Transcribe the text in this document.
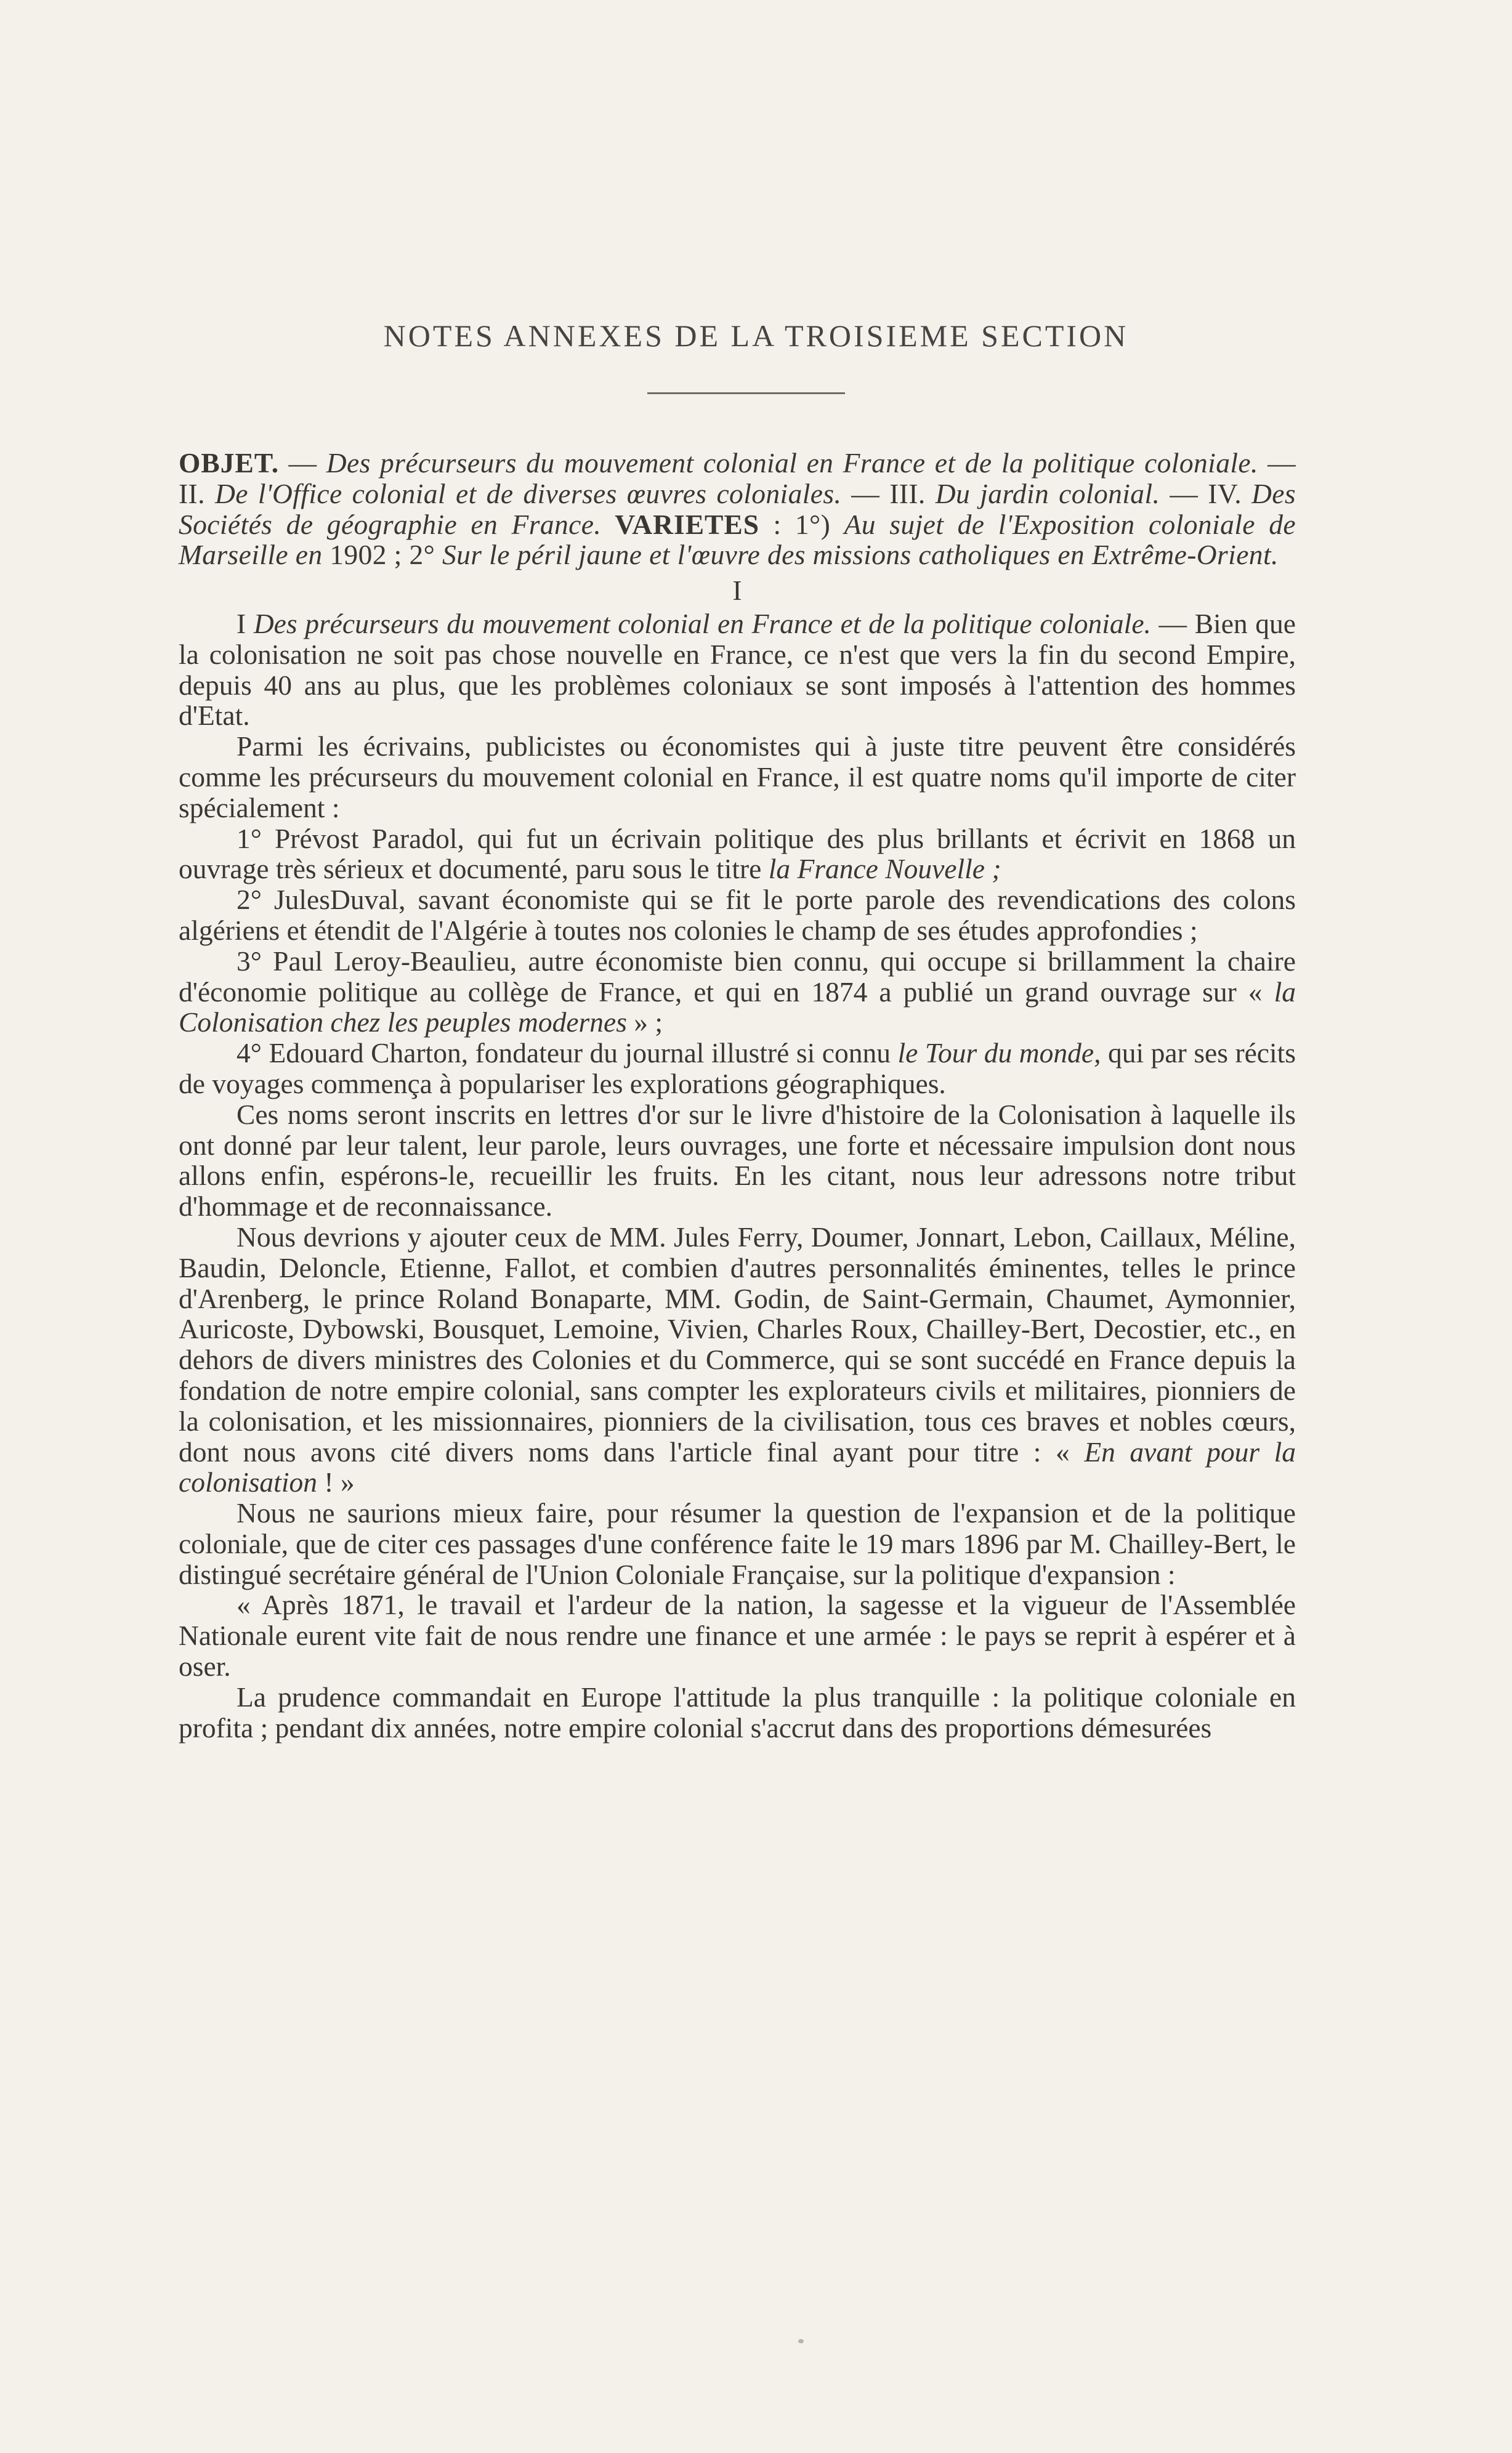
NOTES ANNEXES DE LA TROISIEME SECTION

OBJET. — Des précurseurs du mouvement colonial en France et de la politique coloniale. — II. De l'Office colonial et de diverses œuvres coloniales. — III. Du jardin colonial. — IV. Des Sociétés de géographie en France. VARIETES : 1°) Au sujet de l'Exposition coloniale de Marseille en 1902 ; 2° Sur le péril jaune et l'œuvre des missions catholiques en Extrême-Orient.

I

I Des précurseurs du mouvement colonial en France et de la politique coloniale. — Bien que la colonisation ne soit pas chose nouvelle en France, ce n'est que vers la fin du second Empire, depuis 40 ans au plus, que les problèmes coloniaux se sont imposés à l'attention des hommes d'Etat.

Parmi les écrivains, publicistes ou économistes qui à juste titre peuvent être considérés comme les précurseurs du mouvement colonial en France, il est quatre noms qu'il importe de citer spécialement :

1° Prévost Paradol, qui fut un écrivain politique des plus brillants et écrivit en 1868 un ouvrage très sérieux et documenté, paru sous le titre la France Nouvelle ;

2° JulesDuval, savant économiste qui se fit le porte parole des revendications des colons algériens et étendit de l'Algérie à toutes nos colonies le champ de ses études approfondies ;

3° Paul Leroy-Beaulieu, autre économiste bien connu, qui occupe si brillamment la chaire d'économie politique au collège de France, et qui en 1874 a publié un grand ouvrage sur « la Colonisation chez les peuples modernes » ;

4° Edouard Charton, fondateur du journal illustré si connu le Tour du monde, qui par ses récits de voyages commença à populariser les explorations géographiques.

Ces noms seront inscrits en lettres d'or sur le livre d'histoire de la Colonisation à laquelle ils ont donné par leur talent, leur parole, leurs ouvrages, une forte et nécessaire impulsion dont nous allons enfin, espérons-le, recueillir les fruits. En les citant, nous leur adressons notre tribut d'hommage et de reconnaissance.

Nous devrions y ajouter ceux de MM. Jules Ferry, Doumer, Jonnart, Lebon, Caillaux, Méline, Baudin, Deloncle, Etienne, Fallot, et combien d'autres personnalités éminentes, telles le prince d'Arenberg, le prince Roland Bonaparte, MM. Godin, de Saint-Germain, Chaumet, Aymonnier, Auricoste, Dybowski, Bousquet, Lemoine, Vivien, Charles Roux, Chailley-Bert, Decostier, etc., en dehors de divers ministres des Colonies et du Commerce, qui se sont succédé en France depuis la fondation de notre empire colonial, sans compter les explorateurs civils et militaires, pionniers de la colonisation, et les missionnaires, pionniers de la civilisation, tous ces braves et nobles cœurs, dont nous avons cité divers noms dans l'article final ayant pour titre : « En avant pour la colonisation ! »

Nous ne saurions mieux faire, pour résumer la question de l'expansion et de la politique coloniale, que de citer ces passages d'une conférence faite le 19 mars 1896 par M. Chailley-Bert, le distingué secrétaire général de l'Union Coloniale Française, sur la politique d'expansion :

« Après 1871, le travail et l'ardeur de la nation, la sagesse et la vigueur de l'Assemblée Nationale eurent vite fait de nous rendre une finance et une armée : le pays se reprit à espérer et à oser.

La prudence commandait en Europe l'attitude la plus tranquille : la politique coloniale en profita ; pendant dix années, notre empire colonial s'accrut dans des proportions démesurées
